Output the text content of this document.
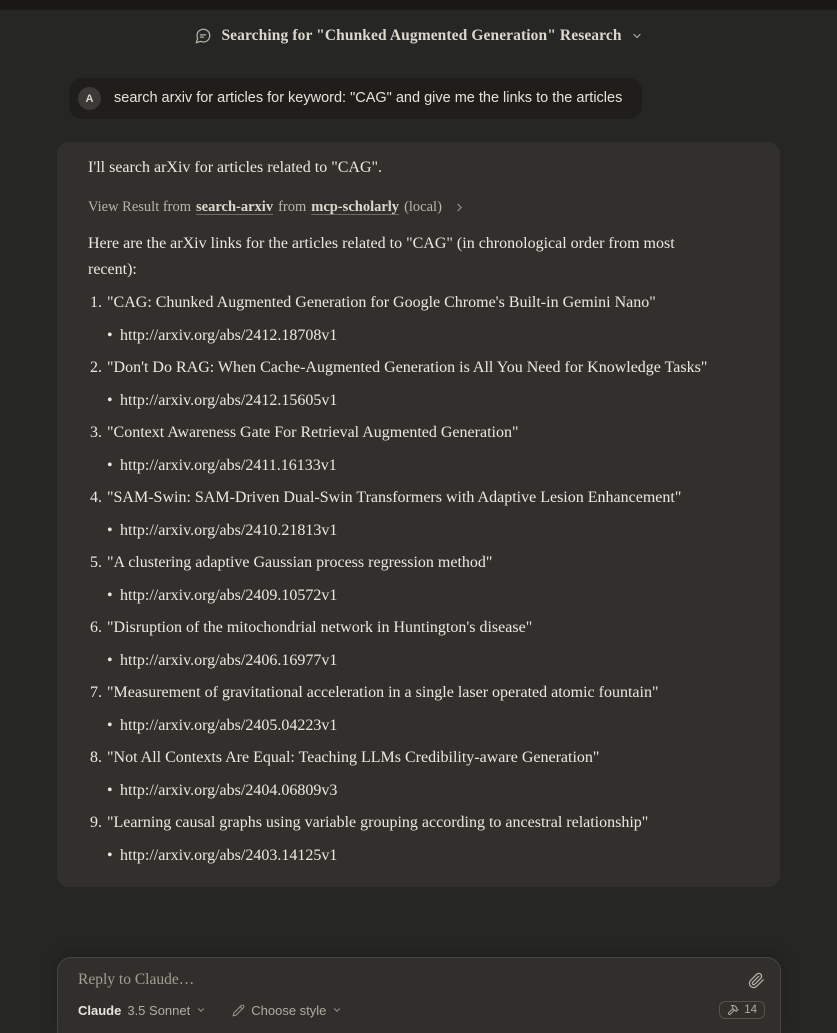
Searching for "Chunked Augmented Generation" Research
A	search arxiv for articles for keyword: "CAG" and give me the links to the articles

I'll search arXiv for articles related to "CAG".

View Result from search-arxiv from mcp-scholarly (local)

Here are the arXiv links for the articles related to "CAG" (in chronological order from most recent):

1. "CAG: Chunked Augmented Generation for Google Chrome's Built-in Gemini Nano"
• http://arxiv.org/abs/2412.18708v1
2. "Don't Do RAG: When Cache-Augmented Generation is All You Need for Knowledge Tasks"
• http://arxiv.org/abs/2412.15605v1
3. "Context Awareness Gate For Retrieval Augmented Generation"
• http://arxiv.org/abs/2411.16133v1
4. "SAM-Swin: SAM-Driven Dual-Swin Transformers with Adaptive Lesion Enhancement"
• http://arxiv.org/abs/2410.21813v1
5. "A clustering adaptive Gaussian process regression method"
• http://arxiv.org/abs/2409.10572v1
6. "Disruption of the mitochondrial network in Huntington's disease"
• http://arxiv.org/abs/2406.16977v1
7. "Measurement of gravitational acceleration in a single laser operated atomic fountain"
• http://arxiv.org/abs/2405.04223v1
8. "Not All Contexts Are Equal: Teaching LLMs Credibility-aware Generation"
• http://arxiv.org/abs/2404.06809v3
9. "Learning causal graphs using variable grouping according to ancestral relationship"
• http://arxiv.org/abs/2403.14125v1
Reply to Claude…
Claude 3.5 Sonnet	Choose style	14
